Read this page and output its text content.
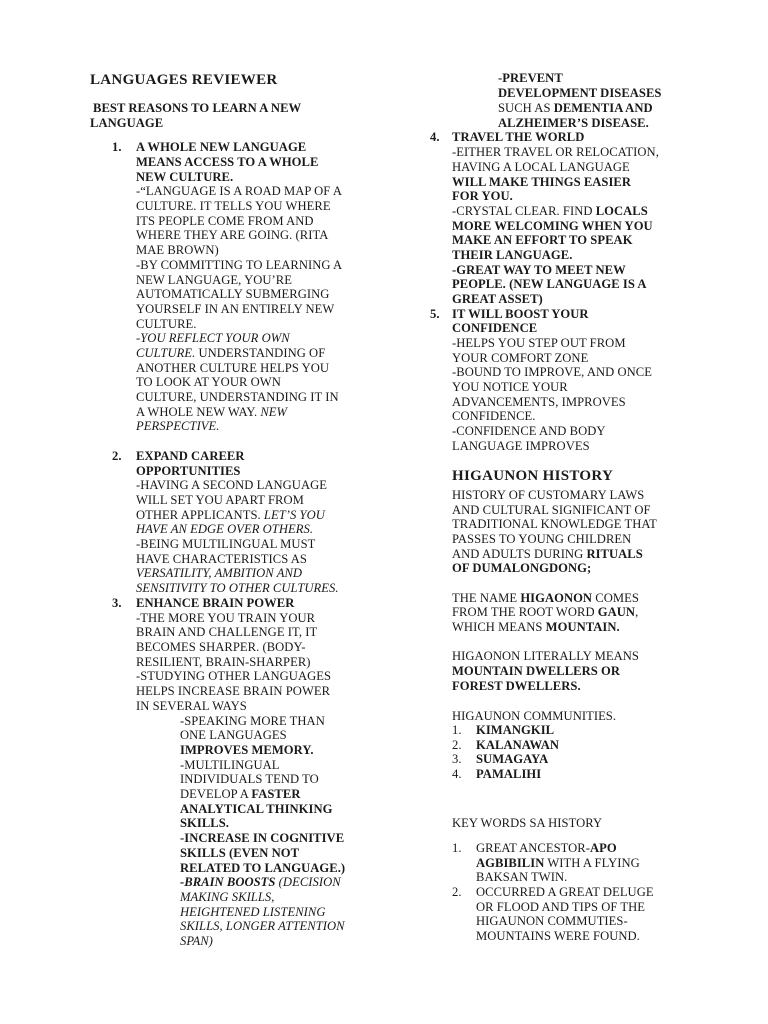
LANGUAGES REVIEWER
BEST REASONS TO LEARN A NEW
LANGUAGE
1. A WHOLE NEW LANGUAGE
MEANS ACCESS TO A WHOLE
NEW CULTURE.
-“LANGUAGE IS A ROAD MAP OF A
CULTURE. IT TELLS YOU WHERE
ITS PEOPLE COME FROM AND
WHERE THEY ARE GOING. (RITA
MAE BROWN)
-BY COMMITTING TO LEARNING A
NEW LANGUAGE, YOU’RE
AUTOMATICALLY SUBMERGING
YOURSELF IN AN ENTIRELY NEW
CULTURE.
-YOU REFLECT YOUR OWN
CULTURE. UNDERSTANDING OF
ANOTHER CULTURE HELPS YOU
TO LOOK AT YOUR OWN
CULTURE, UNDERSTANDING IT IN
A WHOLE NEW WAY. NEW
PERSPECTIVE.
2. EXPAND CAREER
OPPORTUNITIES
-HAVING A SECOND LANGUAGE
WILL SET YOU APART FROM
OTHER APPLICANTS. LET’S YOU
HAVE AN EDGE OVER OTHERS.
-BEING MULTILINGUAL MUST
HAVE CHARACTERISTICS AS
VERSATILITY, AMBITION AND
SENSITIVITY TO OTHER CULTURES.
3. ENHANCE BRAIN POWER
-THE MORE YOU TRAIN YOUR
BRAIN AND CHALLENGE IT, IT
BECOMES SHARPER. (BODY-
RESILIENT, BRAIN-SHARPER)
-STUDYING OTHER LANGUAGES
HELPS INCREASE BRAIN POWER
IN SEVERAL WAYS
-SPEAKING MORE THAN
ONE LANGUAGES
IMPROVES MEMORY.
-MULTILINGUAL
INDIVIDUALS TEND TO
DEVELOP A FASTER
ANALYTICAL THINKING
SKILLS.
-INCREASE IN COGNITIVE
SKILLS (EVEN NOT
RELATED TO LANGUAGE.)
-BRAIN BOOSTS (DECISION
MAKING SKILLS,
HEIGHTENED LISTENING
SKILLS, LONGER ATTENTION
SPAN)
-PREVENT
DEVELOPMENT DISEASES
SUCH AS DEMENTIA AND
ALZHEIMER’S DISEASE.
4. TRAVEL THE WORLD
-EITHER TRAVEL OR RELOCATION,
HAVING A LOCAL LANGUAGE
WILL MAKE THINGS EASIER
FOR YOU.
-CRYSTAL CLEAR. FIND LOCALS
MORE WELCOMING WHEN YOU
MAKE AN EFFORT TO SPEAK
THEIR LANGUAGE.
-GREAT WAY TO MEET NEW
PEOPLE. (NEW LANGUAGE IS A
GREAT ASSET)
5. IT WILL BOOST YOUR
CONFIDENCE
-HELPS YOU STEP OUT FROM
YOUR COMFORT ZONE
-BOUND TO IMPROVE, AND ONCE
YOU NOTICE YOUR
ADVANCEMENTS, IMPROVES
CONFIDENCE.
-CONFIDENCE AND BODY
LANGUAGE IMPROVES
HIGAUNON HISTORY
HISTORY OF CUSTOMARY LAWS
AND CULTURAL SIGNIFICANT OF
TRADITIONAL KNOWLEDGE THAT
PASSES TO YOUNG CHILDREN
AND ADULTS DURING RITUALS
OF DUMALONGDONG;
THE NAME HIGAONON COMES
FROM THE ROOT WORD GAUN,
WHICH MEANS MOUNTAIN.
HIGAONON LITERALLY MEANS
MOUNTAIN DWELLERS OR
FOREST DWELLERS.
HIGAUNON COMMUNITIES.
1. KIMANGKIL
2. KALANAWAN
3. SUMAGAYA
4. PAMALIHI
KEY WORDS SA HISTORY
1. GREAT ANCESTOR-APO
AGBIBILIN WITH A FLYING
BAKSAN TWIN.
2. OCCURRED A GREAT DELUGE
OR FLOOD AND TIPS OF THE
HIGAUNON COMMUTIES-
MOUNTAINS WERE FOUND.
